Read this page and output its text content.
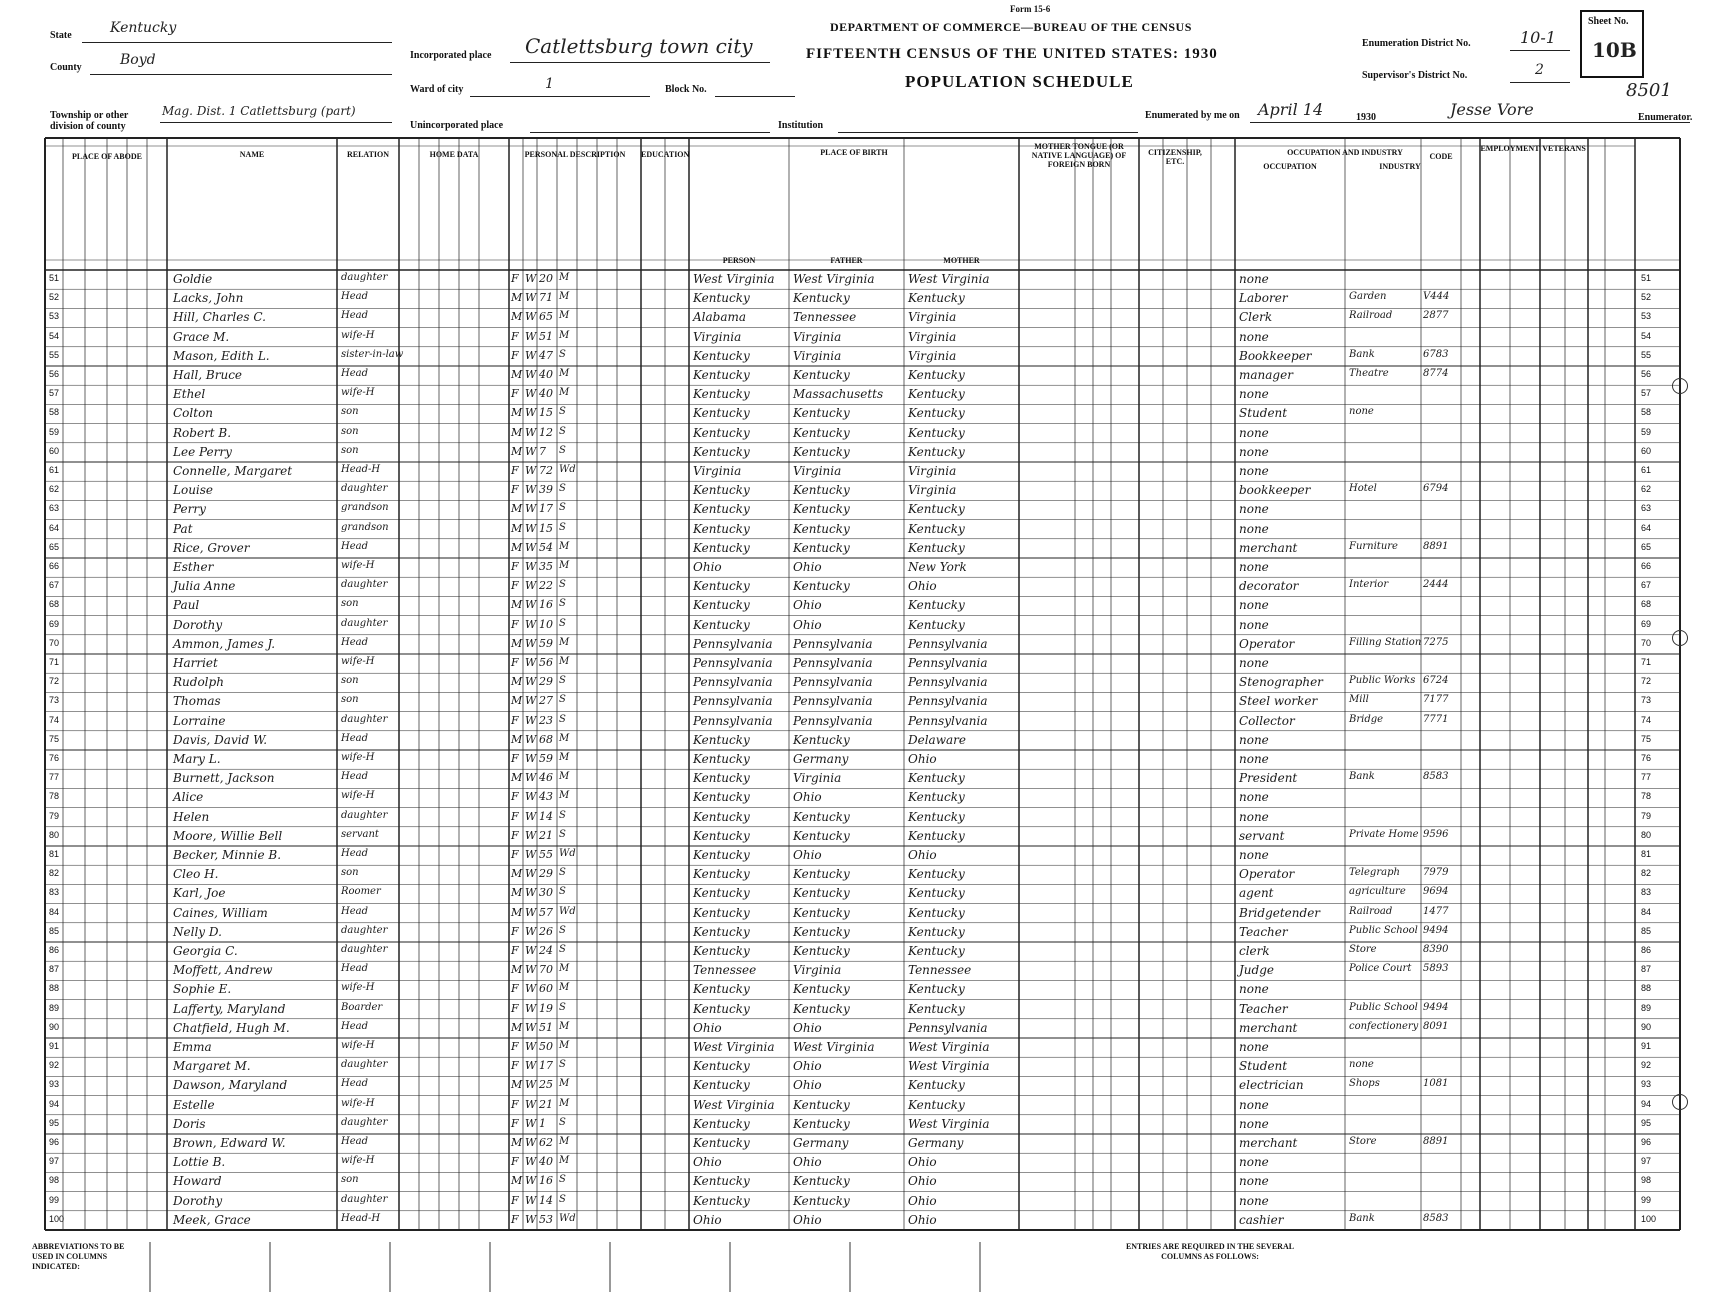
Form 15-6
DEPARTMENT OF COMMERCE—BUREAU OF THE CENSUS
FIFTEENTH CENSUS OF THE UNITED STATES: 1930
POPULATION SCHEDULE
Sheet No.
10B
8501
State	Kentucky
County	Boyd
Township or other division of county
Mag. Dist. 1 Catlettsburg (part)
Incorporated place Catlettsburg town city
Ward of city	1	Block No.
Unincorporated place	Institution
Enumeration District No.	10-1
Supervisor's District No.	2
Enumerated by me on April 14	1930	Jesse Vore	Enumerator.
PLACE OF ABODE	NAME	RELATION	HOME DATA	PERSONAL DESCRIPTION	EDUCATION	PLACE OF BIRTH
MOTHER TONGUE (OR NATIVE LANGUAGE) OF FOREIGN BORN
CITIZENSHIP, ETC.
OCCUPATION AND INDUSTRY	EMPLOYMENT VETERANS
PERSON	FATHER	MOTHER
OCCUPATION	INDUSTRY
CODE
51
51	Goldie	daughter	F W 20 M	West Virginia	West Virginia	West Virginia	none
52
52	Lacks, John	Head	M W 71 M	Kentucky	Kentucky	Kentucky	Laborer	Garden	V444
53
53	Hill, Charles C.	Head	M W 65 M	Alabama	Tennessee	Virginia	Clerk	Railroad	2877
54
54	Grace M.	wife-H	F W 51 M	Virginia	Virginia	Virginia	none
55
55	Mason, Edith L.	sister-in-law	F W 47 S	Kentucky	Virginia	Virginia	Bookkeeper	Bank	6783
56
56	Hall, Bruce	Head	M W 40 M	Kentucky	Kentucky	Kentucky	manager	Theatre	8774
57
57	Ethel	wife-H	F W 40 M	Kentucky	Massachusetts	Kentucky	none
58
58	Colton	son	M W 15 S	Kentucky	Kentucky	Kentucky	Student	none
59
59	Robert B.	son	M W 12 S	Kentucky	Kentucky	Kentucky	none
60
60	Lee Perry	son	M W 7	S	Kentucky	Kentucky	Kentucky	none
61
61	Connelle, Margaret	Head-H	F W 72 Wd	Virginia	Virginia	Virginia	none
62
62	Louise	daughter	F W 39 S	Kentucky	Kentucky	Virginia	bookkeeper	Hotel	6794
63
63	Perry	grandson	M W 17 S	Kentucky	Kentucky	Kentucky	none
64
64	Pat	grandson	M W 15 S	Kentucky	Kentucky	Kentucky	none
65
65	Rice, Grover	Head	M W 54 M	Kentucky	Kentucky	Kentucky	merchant	Furniture	8891
66
66	Esther	wife-H	F W 35 M	Ohio	Ohio	New York	none
67
67	Julia Anne	daughter	F W 22 S	Kentucky	Kentucky	Ohio	decorator	Interior	2444
68
68	Paul	son	M W 16 S	Kentucky	Ohio	Kentucky	none
69
69	Dorothy	daughter	F W 10 S	Kentucky	Ohio	Kentucky	none
70
70	Ammon, James J.	Head	M W 59 M	Pennsylvania	Pennsylvania	Pennsylvania	Operator	Filling Station 7275
71
71	Harriet	wife-H	F W 56 M	Pennsylvania	Pennsylvania	Pennsylvania	none
72
72	Rudolph	son	M W 29 S	Pennsylvania	Pennsylvania	Pennsylvania	Stenographer	Public Works 6724
73
73	Thomas	son	M W 27 S	Pennsylvania	Pennsylvania	Pennsylvania	Steel worker	Mill	7177
74
74	Lorraine	daughter	F W 23 S	Pennsylvania	Pennsylvania	Pennsylvania	Collector	Bridge	7771
75
75	Davis, David W.	Head	M W 68 M	Kentucky	Kentucky	Delaware	none
76
76	Mary L.	wife-H	F W 59 M	Kentucky	Germany	Ohio	none
77
77	Burnett, Jackson	Head	M W 46 M	Kentucky	Virginia	Kentucky	President	Bank	8583
78
78	Alice	wife-H	F W 43 M	Kentucky	Ohio	Kentucky	none
79
79	Helen	daughter	F W 14 S	Kentucky	Kentucky	Kentucky	none
80
80	Moore, Willie Bell	servant	F W 21 S	Kentucky	Kentucky	Kentucky	servant	Private Home 9596
81
81	Becker, Minnie B.	Head	F W 55 Wd	Kentucky	Ohio	Ohio	none
82
82	Cleo H.	son	M W 29 S	Kentucky	Kentucky	Kentucky	Operator	Telegraph	7979
83
83	Karl, Joe	Roomer	M W 30 S	Kentucky	Kentucky	Kentucky	agent	agriculture	9694
84
84	Caines, William	Head	M W 57 Wd	Kentucky	Kentucky	Kentucky	Bridgetender	Railroad	1477
85
85	Nelly D.	daughter	F W 26 S	Kentucky	Kentucky	Kentucky	Teacher	Public School 9494
86
86	Georgia C.	daughter	F W 24 S	Kentucky	Kentucky	Kentucky	clerk	Store	8390
87
87	Moffett, Andrew	Head	M W 70 M	Tennessee	Virginia	Tennessee	Judge	Police Court	5893
88
88	Sophie E.	wife-H	F W 60 M	Kentucky	Kentucky	Kentucky	none
89
89	Lafferty, Maryland	Boarder	F W 19 S	Kentucky	Kentucky	Kentucky	Teacher	Public School 9494
90
90	Chatfield, Hugh M.	Head	M W 51 M	Ohio	Ohio	Pennsylvania	merchant	confectionery 8091
91
91	Emma	wife-H	F W 50 M	West Virginia	West Virginia	West Virginia	none
92
92	Margaret M.	daughter	F W 17 S	Kentucky	Ohio	West Virginia	Student	none
93
93	Dawson, Maryland	Head	M W 25 M	Kentucky	Ohio	Kentucky	electrician	Shops	1081
94
94	Estelle	wife-H	F W 21 M	West Virginia	Kentucky	Kentucky	none
95
95	Doris	daughter	F W 1	S	Kentucky	Kentucky	West Virginia	none
96
96	Brown, Edward W.	Head	M W 62 M	Kentucky	Germany	Germany	merchant	Store	8891
97
97	Lottie B.	wife-H	F W 40 M	Ohio	Ohio	Ohio	none
98
98	Howard	son	M W 16 S	Kentucky	Kentucky	Ohio	none
99
99	Dorothy	daughter	F W 14 S	Kentucky	Kentucky	Ohio	none
100
100	Meek, Grace	Head-H	F W 53 Wd	Ohio	Ohio	Ohio	cashier	Bank	8583
ABBREVIATIONS TO BE USED IN COLUMNS INDICATED:
ENTRIES ARE REQUIRED IN THE SEVERAL COLUMNS AS FOLLOWS:
